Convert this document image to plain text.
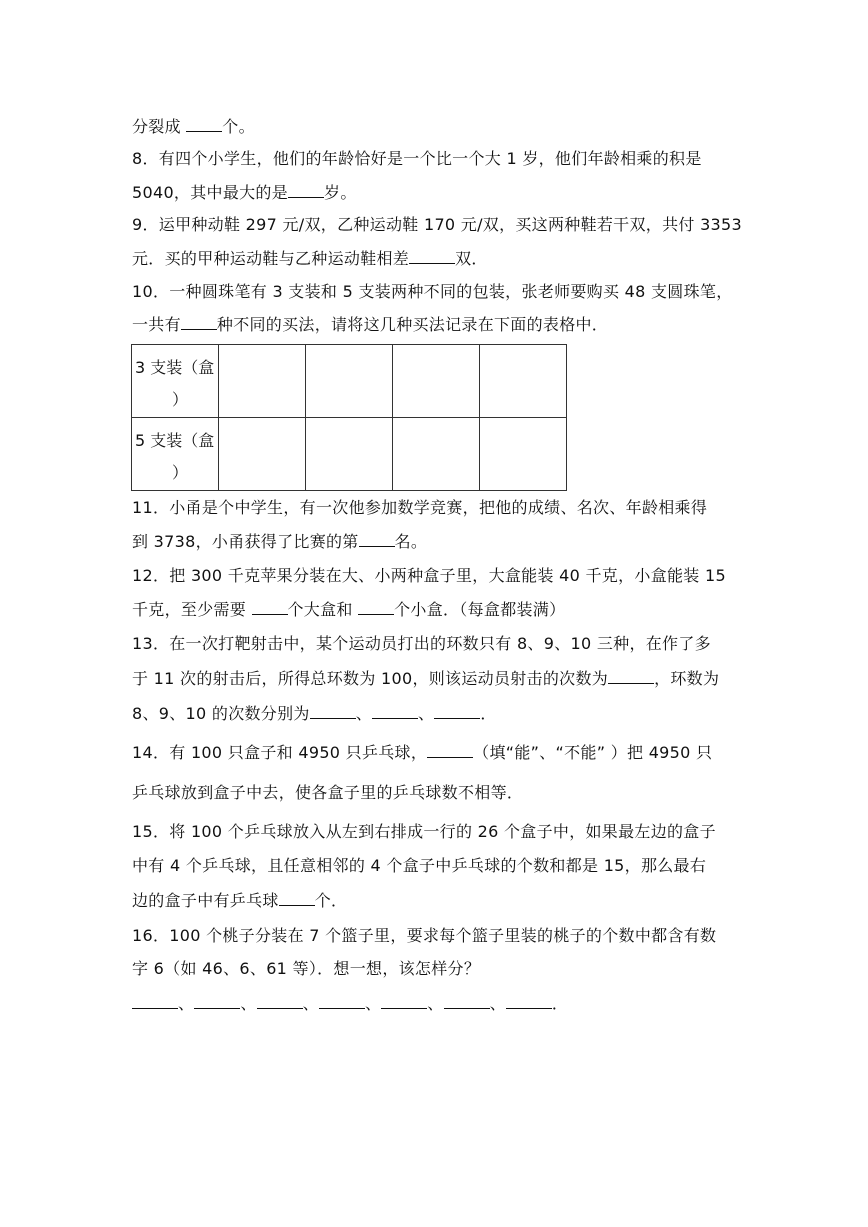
分裂成 个。
8．有四个小学生，他们的年龄恰好是一个比一个大 1 岁，他们年龄相乘的积是
5040，其中最大的是 岁。
9．运甲种动鞋 297 元/双，乙种运动鞋 170 元/双，买这两种鞋若干双，共付 3353
元．买的甲种运动鞋与乙种运动鞋相差	双．
10．一种圆珠笔有 3 支装和 5 支装两种不同的包装，张老师要购买 48 支圆珠笔，
一共有 种不同的买法，请将这几种买法记录在下面的表格中．
3 支装（盒
）				

5 支装（盒
）				

11．小甬是个中学生，有一次他参加数学竞赛，把他的成绩、名次、年龄相乘得
到 3738，小甬获得了比赛的第 名。
12．把 300 千克苹果分装在大、小两种盒子里，大盒能装 40 千克，小盒能装 15
千克，至少需要 个大盒和 个小盒．（每盒都装满）
13．在一次打靶射击中，某个运动员打出的环数只有 8、9、10 三种，在作了多
于 11 次的射击后，所得总环数为 100，则该运动员射击的次数为	，环数为
8、9、10 的次数分别为	、	、	．
14．有 100 只盒子和 4950 只乒乓球，	（填“能”、“不能” ）把 4950 只
乒乓球放到盒子中去，使各盒子里的乒乓球数不相等．
15．将 100 个乒乓球放入从左到右排成一行的 26 个盒子中，如果最左边的盒子
中有 4 个乒乓球，且任意相邻的 4 个盒子中乒乓球的个数和都是 15，那么最右
边的盒子中有乒乓球 个．
16．100 个桃子分装在 7 个篮子里，要求每个篮子里装的桃子的个数中都含有数
字 6（如 46、6、61 等）．想一想，该怎样分？
、	、	、	、	、	、	．
